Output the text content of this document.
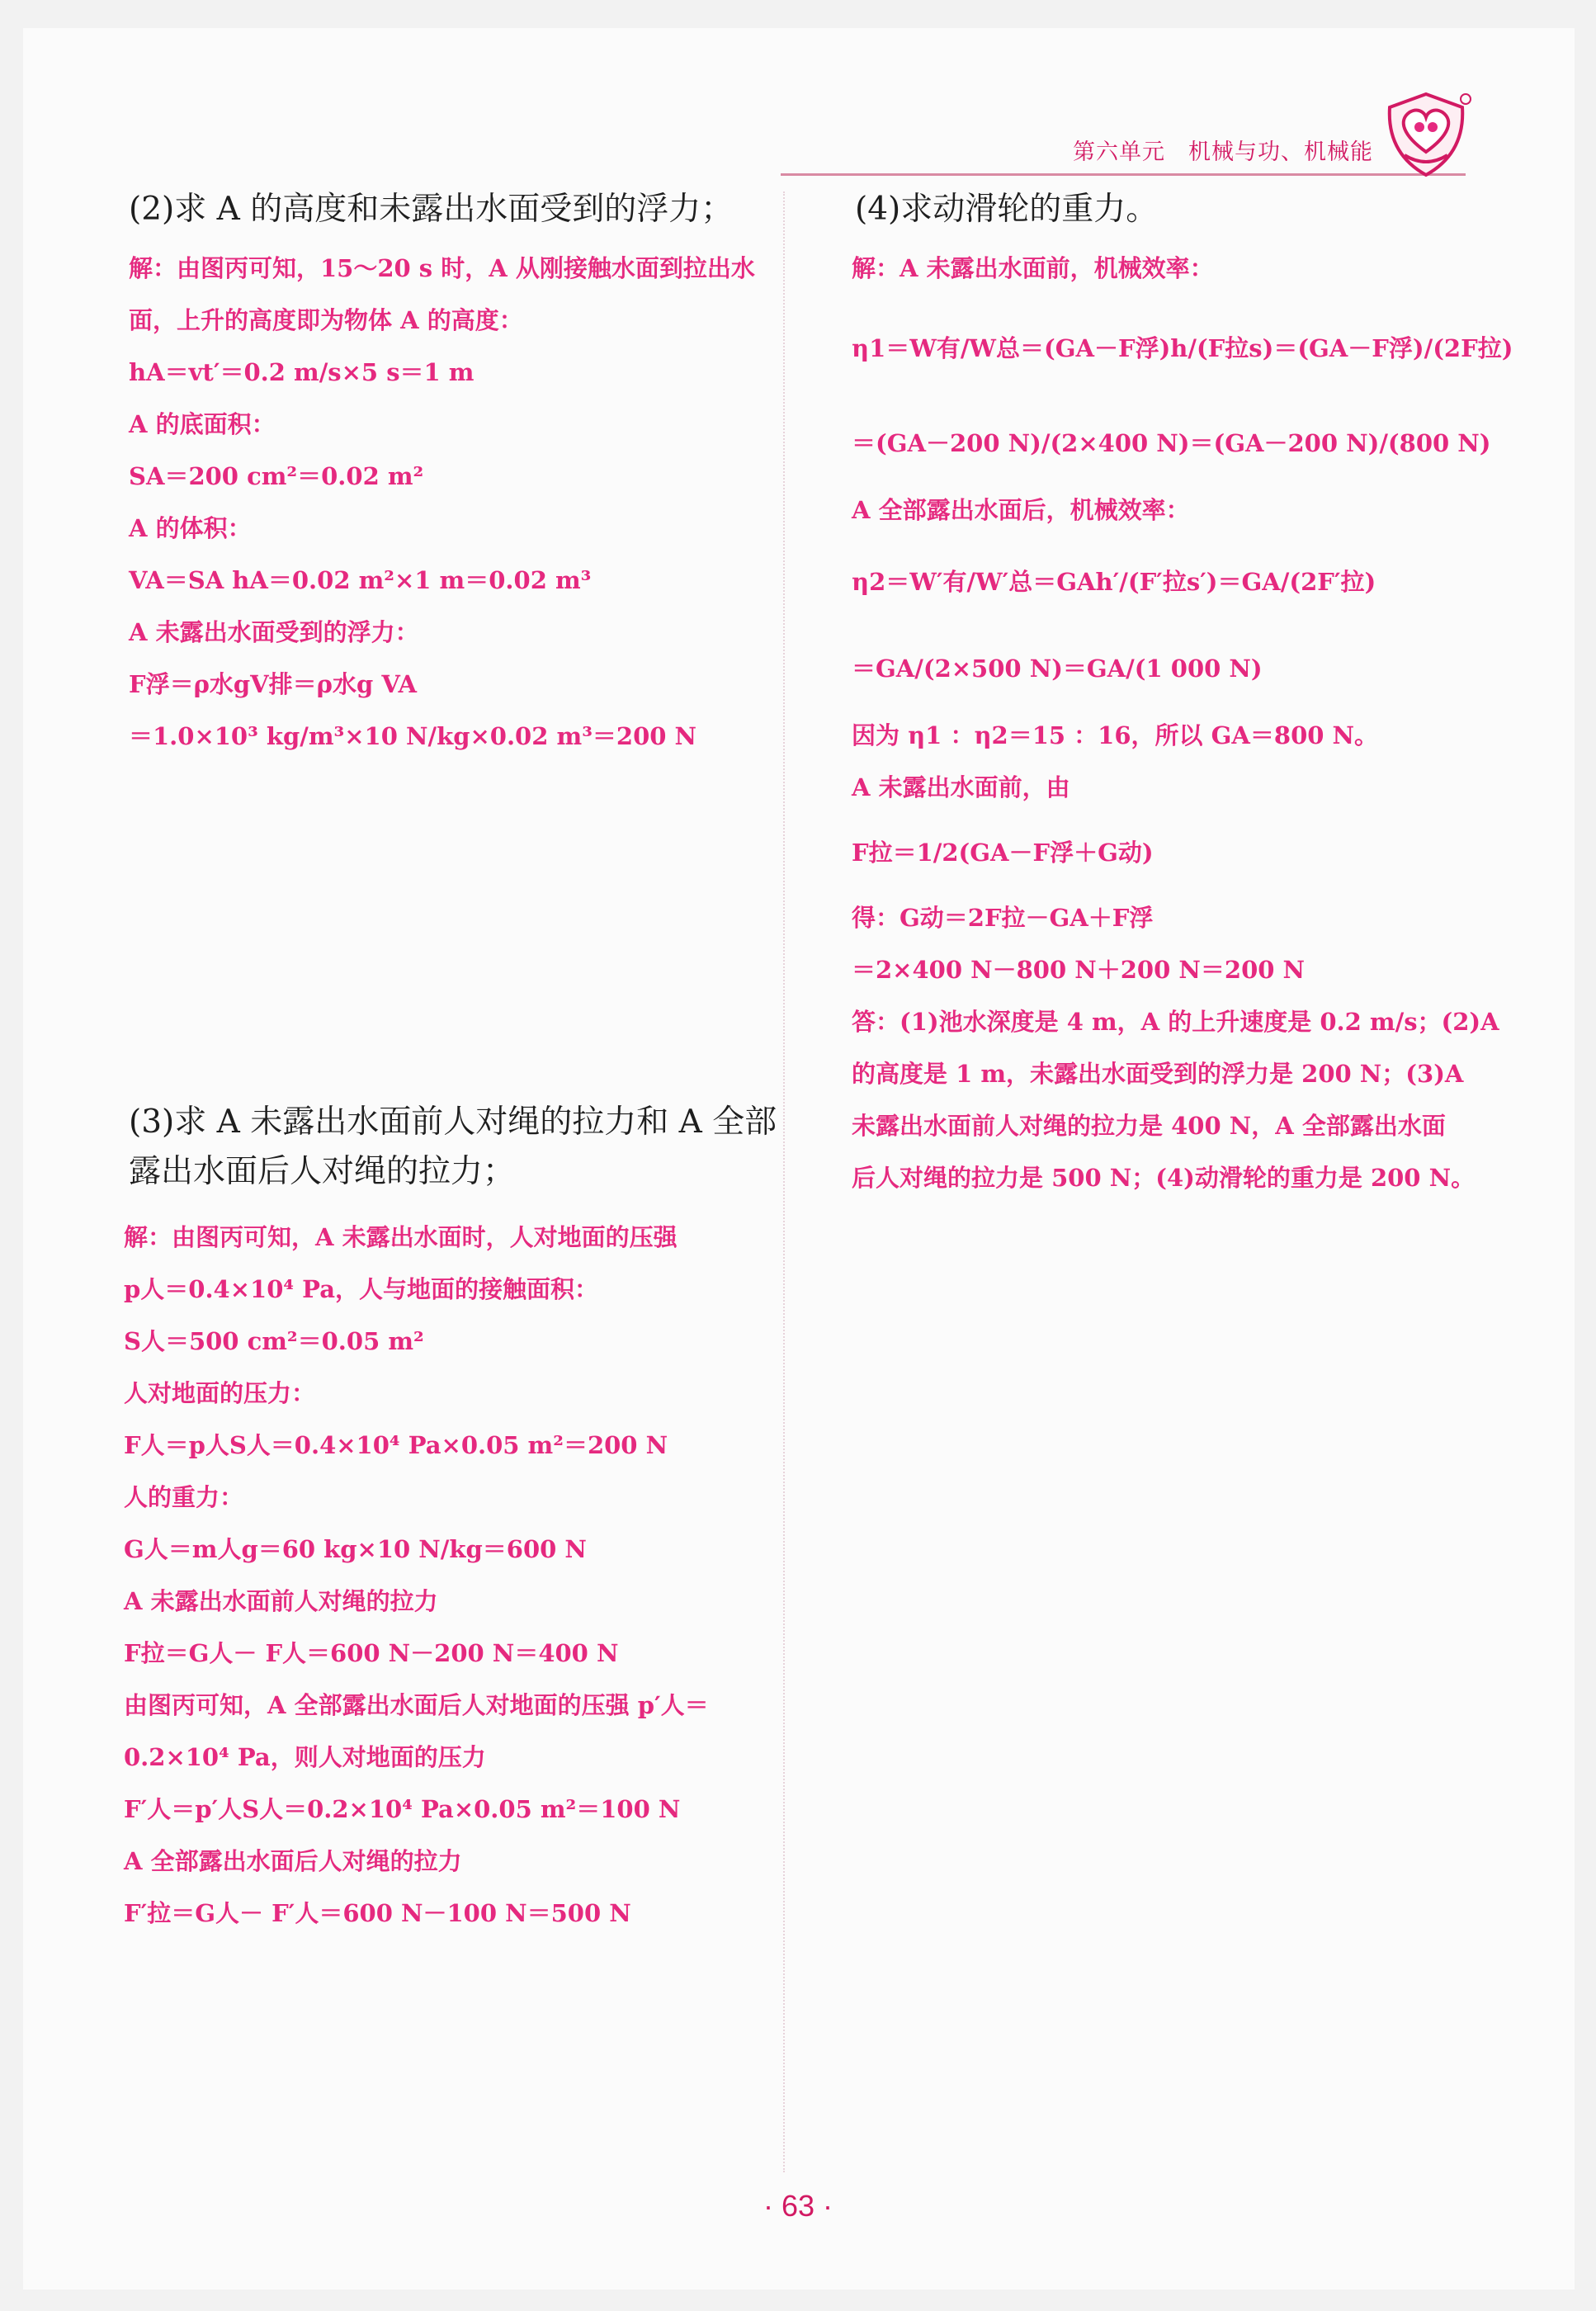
第六单元　机械与功、机械能

(2)求 A 的高度和未露出水面受到的浮力；

解：由图丙可知，15～20 s 时，A 从刚接触水面到拉出水
面，上升的高度即为物体 A 的高度：
hA＝vt′＝0.2 m/s×5 s＝1 m
A 的底面积：
SA＝200 cm²＝0.02 m²
A 的体积：
VA＝SA hA＝0.02 m²×1 m＝0.02 m³
A 未露出水面受到的浮力：
F浮＝ρ水gV排＝ρ水g VA
＝1.0×10³ kg/m³×10 N/kg×0.02 m³＝200 N

(3)求 A 未露出水面前人对绳的拉力和 A 全部露出水面后人对绳的拉力；

解：由图丙可知，A 未露出水面时，人对地面的压强
p人＝0.4×10⁴ Pa，人与地面的接触面积：
S人＝500 cm²＝0.05 m²
人对地面的压力：
F人＝p人S人＝0.4×10⁴ Pa×0.05 m²＝200 N
人的重力：
G人＝m人g＝60 kg×10 N/kg＝600 N
A 未露出水面前人对绳的拉力
F拉＝G人－ F人＝600 N－200 N＝400 N
由图丙可知，A 全部露出水面后人对地面的压强 p′人＝
0.2×10⁴ Pa，则人对地面的压力
F′人＝p′人S人＝0.2×10⁴ Pa×0.05 m²＝100 N
A 全部露出水面后人对绳的拉力
F′拉＝G人－ F′人＝600 N－100 N＝500 N

(4)求动滑轮的重力。

解：A 未露出水面前，机械效率：
η1＝W有/W总＝(GA－F浮)h/(F拉s)＝(GA－F浮)/(2F拉)
＝(GA－200 N)/(2×400 N)＝(GA－200 N)/(800 N)
A 全部露出水面后，机械效率：
η2＝W′有/W′总＝GAh′/(F′拉s′)＝GA/(2F′拉)
＝GA/(2×500 N)＝GA/(1 000 N)
因为 η1 ：η2＝15 ：16，所以 GA＝800 N。
A 未露出水面前，由
F拉＝1/2(GA－F浮＋G动)
得：G动＝2F拉－GA＋F浮
＝2×400 N－800 N＋200 N＝200 N
答：(1)池水深度是 4 m，A 的上升速度是 0.2 m/s；(2)A
的高度是 1 m，未露出水面受到的浮力是 200 N；(3)A
未露出水面前人对绳的拉力是 400 N，A 全部露出水面
后人对绳的拉力是 500 N；(4)动滑轮的重力是 200 N。
· 63 ·
